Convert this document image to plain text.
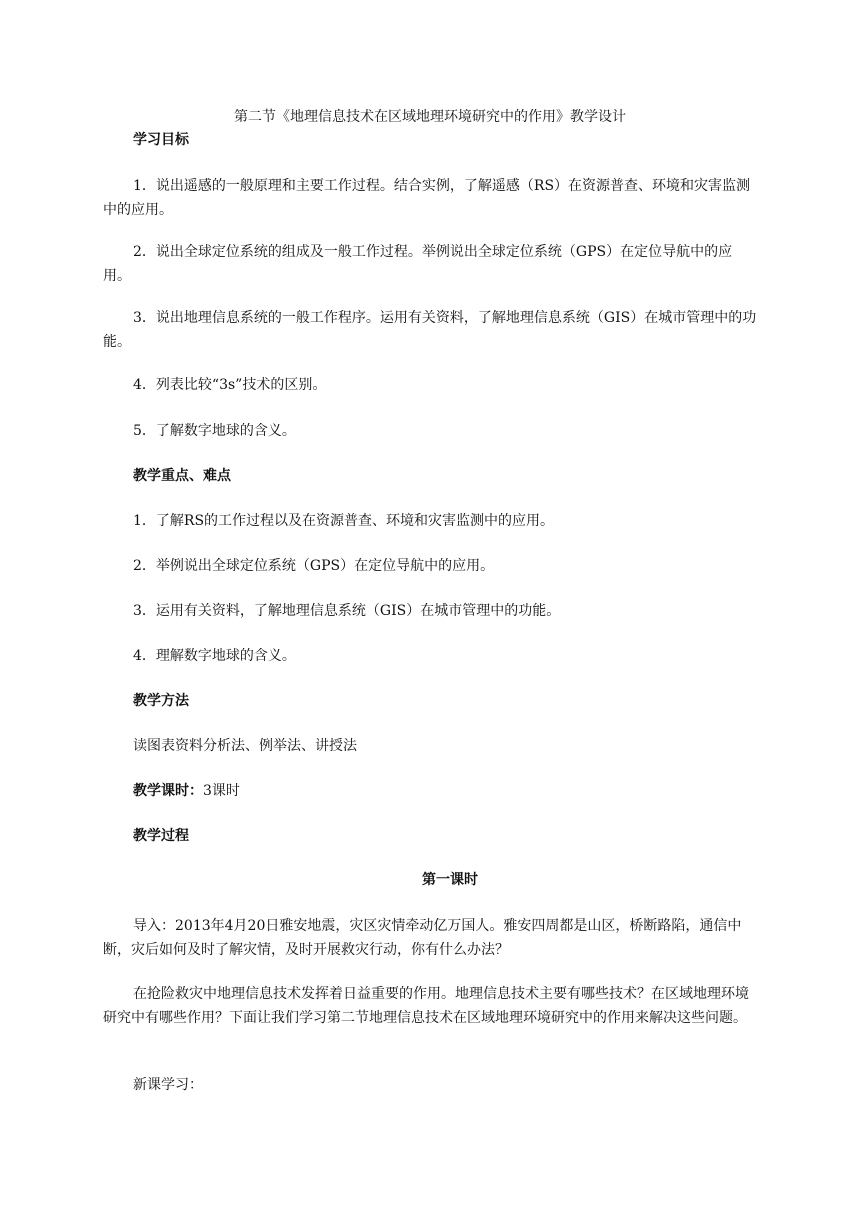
第二节《地理信息技术在区域地理环境研究中的作用》教学设计
学习目标
1．说出遥感的一般原理和主要工作过程。结合实例，了解遥感（RS）在资源普查、环境和灾害监测中的应用。
2．说出全球定位系统的组成及一般工作过程。举例说出全球定位系统（GPS）在定位导航中的应用。
3．说出地理信息系统的一般工作程序。运用有关资料，了解地理信息系统（GIS）在城市管理中的功能。
4．列表比较“3s”技术的区别。
5．了解数字地球的含义。
教学重点、难点
1．了解RS的工作过程以及在资源普查、环境和灾害监测中的应用。
2．举例说出全球定位系统（GPS）在定位导航中的应用。
3．运用有关资料，了解地理信息系统（GIS）在城市管理中的功能。
4．理解数字地球的含义。
教学方法
读图表资料分析法、例举法、讲授法
教学课时：3课时
教学过程
第一课时
导入：2013年4月20日雅安地震，灾区灾情牵动亿万国人。雅安四周都是山区，桥断路陷，通信中断，灾后如何及时了解灾情，及时开展救灾行动，你有什么办法？
在抢险救灾中地理信息技术发挥着日益重要的作用。地理信息技术主要有哪些技术？在区域地理环境研究中有哪些作用？下面让我们学习第二节地理信息技术在区域地理环境研究中的作用来解决这些问题。
新课学习：
